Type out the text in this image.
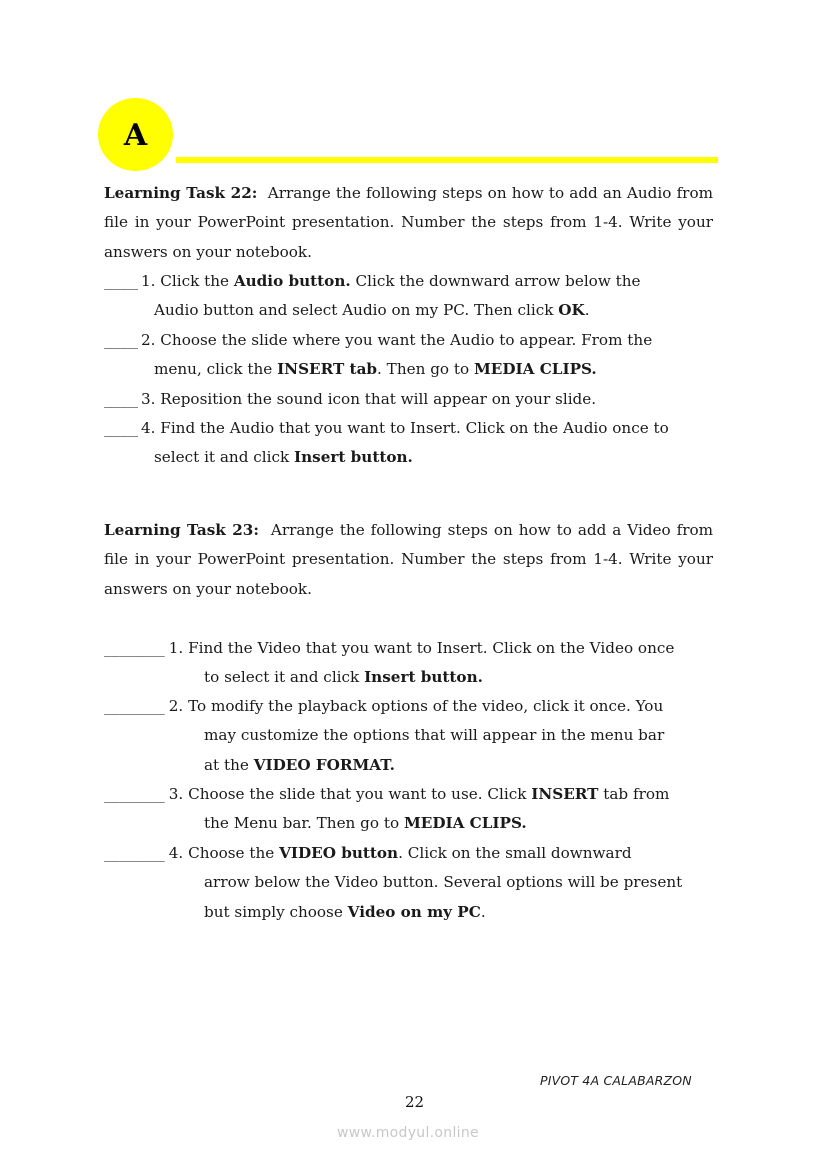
A
Learning Task 22: Arrange the following steps on how to add an Audio from file in your PowerPoint presentation. Number the steps from 1-4. Write your answers on your notebook.
_____ 1. Click the Audio button. Click the downward arrow below the
Audio button and select Audio on my PC. Then click OK.
_____ 2. Choose the slide where you want the Audio to appear. From the
menu, click the INSERT tab. Then go to MEDIA CLIPS.
_____ 3. Reposition the sound icon that will appear on your slide.
_____ 4. Find the Audio that you want to Insert. Click on the Audio once to
select it and click Insert button.
Learning Task 23: Arrange the following steps on how to add a Video from file in your PowerPoint presentation. Number the steps from 1-4. Write your answers on your notebook.
________ 1. Find the Video that you want to Insert. Click on the Video once
to select it and click Insert button.
________ 2. To modify the playback options of the video, click it once. You
may customize the options that will appear in the menu bar
at the VIDEO FORMAT.
________ 3. Choose the slide that you want to use. Click INSERT tab from
the Menu bar. Then go to MEDIA CLIPS.
________ 4. Choose the VIDEO button. Click on the small downward
arrow below the Video button. Several options will be present
but simply choose Video on my PC.
PIVOT 4A CALABARZON
22
www.modyul.online
